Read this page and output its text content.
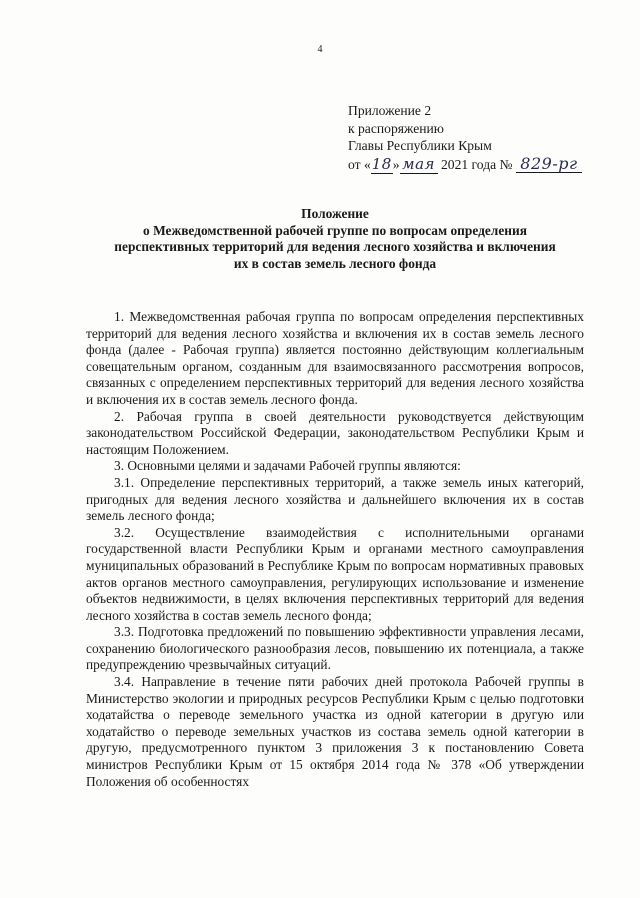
4
Приложение 2
к распоряжению
Главы Республики Крым
от «18» мая 2021 года № 829-рг
Положение
о Межведомственной рабочей группе по вопросам определения
перспективных территорий для ведения лесного хозяйства и включения
их в состав земель лесного фонда

1. Межведомственная рабочая группа по вопросам определения перспективных территорий для ведения лесного хозяйства и включения их в состав земель лесного фонда (далее - Рабочая группа) является постоянно действующим коллегиальным совещательным органом, созданным для взаимосвязанного рассмотрения вопросов, связанных с определением перспективных территорий для ведения лесного хозяйства и включения их в состав земель лесного фонда.

2. Рабочая группа в своей деятельности руководствуется действующим законодательством Российской Федерации, законодательством Республики Крым и настоящим Положением.

3. Основными целями и задачами Рабочей группы являются:

3.1. Определение перспективных территорий, а также земель иных категорий, пригодных для ведения лесного хозяйства и дальнейшего включения их в состав земель лесного фонда;

3.2. Осуществление взаимодействия с исполнительными органами государственной власти Республики Крым и органами местного самоуправления муниципальных образований в Республике Крым по вопросам нормативных правовых актов органов местного самоуправления, регулирующих использование и изменение объектов недвижимости, в целях включения перспективных территорий для ведения лесного хозяйства в состав земель лесного фонда;

3.3. Подготовка предложений по повышению эффективности управления лесами, сохранению биологического разнообразия лесов, повышению их потенциала, а также предупреждению чрезвычайных ситуаций.

3.4. Направление в течение пяти рабочих дней протокола Рабочей группы в Министерство экологии и природных ресурсов Республики Крым с целью подготовки ходатайства о переводе земельного участка из одной категории в другую или ходатайство о переводе земельных участков из состава земель одной категории в другую, предусмотренного пунктом 3 приложения 3 к постановлению Совета министров Республики Крым от 15 октября 2014 года № 378 «Об утверждении Положения об особенностях
